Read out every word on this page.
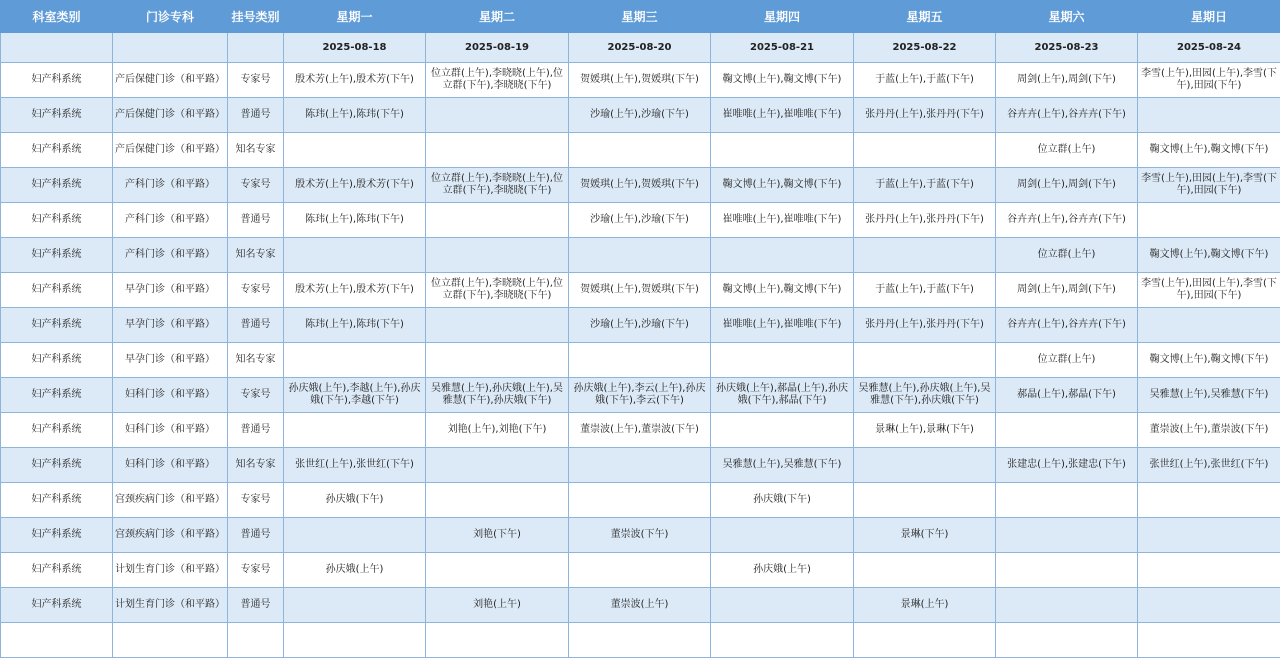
科室类别	门诊专科	挂号类别	星期一	星期二	星期三	星期四	星期五	星期六	星期日
			2025-08-18	2025-08-19	2025-08-20	2025-08-21	2025-08-22	2025-08-23	2025-08-24
妇产科系统	产后保健门诊（和平路）	专家号	殷术芳(上午),殷术芳(下午)	位立群(上午),李晓晓(上午),位立群(下午),李晓晓(下午)	贺媛琪(上午),贺媛琪(下午)	鞠文博(上午),鞠文博(下午)	于蓝(上午),于蓝(下午)	周剑(上午),周剑(下午)	李雪(上午),田园(上午),李雪(下午),田园(下午)
妇产科系统	产后保健门诊（和平路）	普通号	陈玮(上午),陈玮(下午)		沙瑜(上午),沙瑜(下午)	崔唯唯(上午),崔唯唯(下午)	张丹丹(上午),张丹丹(下午)	谷卉卉(上午),谷卉卉(下午)	
妇产科系统	产后保健门诊（和平路）	知名专家						位立群(上午)	鞠文博(上午),鞠文博(下午)
妇产科系统	产科门诊（和平路）	专家号	殷术芳(上午),殷术芳(下午)	位立群(上午),李晓晓(上午),位立群(下午),李晓晓(下午)	贺媛琪(上午),贺媛琪(下午)	鞠文博(上午),鞠文博(下午)	于蓝(上午),于蓝(下午)	周剑(上午),周剑(下午)	李雪(上午),田园(上午),李雪(下午),田园(下午)
妇产科系统	产科门诊（和平路）	普通号	陈玮(上午),陈玮(下午)		沙瑜(上午),沙瑜(下午)	崔唯唯(上午),崔唯唯(下午)	张丹丹(上午),张丹丹(下午)	谷卉卉(上午),谷卉卉(下午)	
妇产科系统	产科门诊（和平路）	知名专家						位立群(上午)	鞠文博(上午),鞠文博(下午)
妇产科系统	早孕门诊（和平路）	专家号	殷术芳(上午),殷术芳(下午)	位立群(上午),李晓晓(上午),位立群(下午),李晓晓(下午)	贺媛琪(上午),贺媛琪(下午)	鞠文博(上午),鞠文博(下午)	于蓝(上午),于蓝(下午)	周剑(上午),周剑(下午)	李雪(上午),田园(上午),李雪(下午),田园(下午)
妇产科系统	早孕门诊（和平路）	普通号	陈玮(上午),陈玮(下午)		沙瑜(上午),沙瑜(下午)	崔唯唯(上午),崔唯唯(下午)	张丹丹(上午),张丹丹(下午)	谷卉卉(上午),谷卉卉(下午)	
妇产科系统	早孕门诊（和平路）	知名专家						位立群(上午)	鞠文博(上午),鞠文博(下午)
妇产科系统	妇科门诊（和平路）	专家号	孙庆娥(上午),李越(上午),孙庆娥(下午),李越(下午)	吴雅慧(上午),孙庆娥(上午),吴雅慧(下午),孙庆娥(下午)	孙庆娥(上午),李云(上午),孙庆娥(下午),李云(下午)	孙庆娥(上午),郝晶(上午),孙庆娥(下午),郝晶(下午)	吴雅慧(上午),孙庆娥(上午),吴雅慧(下午),孙庆娥(下午)	郝晶(上午),郝晶(下午)	吴雅慧(上午),吴雅慧(下午)
妇产科系统	妇科门诊（和平路）	普通号		刘艳(上午),刘艳(下午)	董崇波(上午),董崇波(下午)		景琳(上午),景琳(下午)		董崇波(上午),董崇波(下午)
妇产科系统	妇科门诊（和平路）	知名专家	张世红(上午),张世红(下午)			吴雅慧(上午),吴雅慧(下午)		张建忠(上午),张建忠(下午)	张世红(上午),张世红(下午)
妇产科系统	宫颈疾病门诊（和平路）	专家号	孙庆娥(下午)			孙庆娥(下午)			
妇产科系统	宫颈疾病门诊（和平路）	普通号		刘艳(下午)	董崇波(下午)		景琳(下午)		
妇产科系统	计划生育门诊（和平路）	专家号	孙庆娥(上午)			孙庆娥(上午)			
妇产科系统	计划生育门诊（和平路）	普通号		刘艳(上午)	董崇波(上午)		景琳(上午)		
